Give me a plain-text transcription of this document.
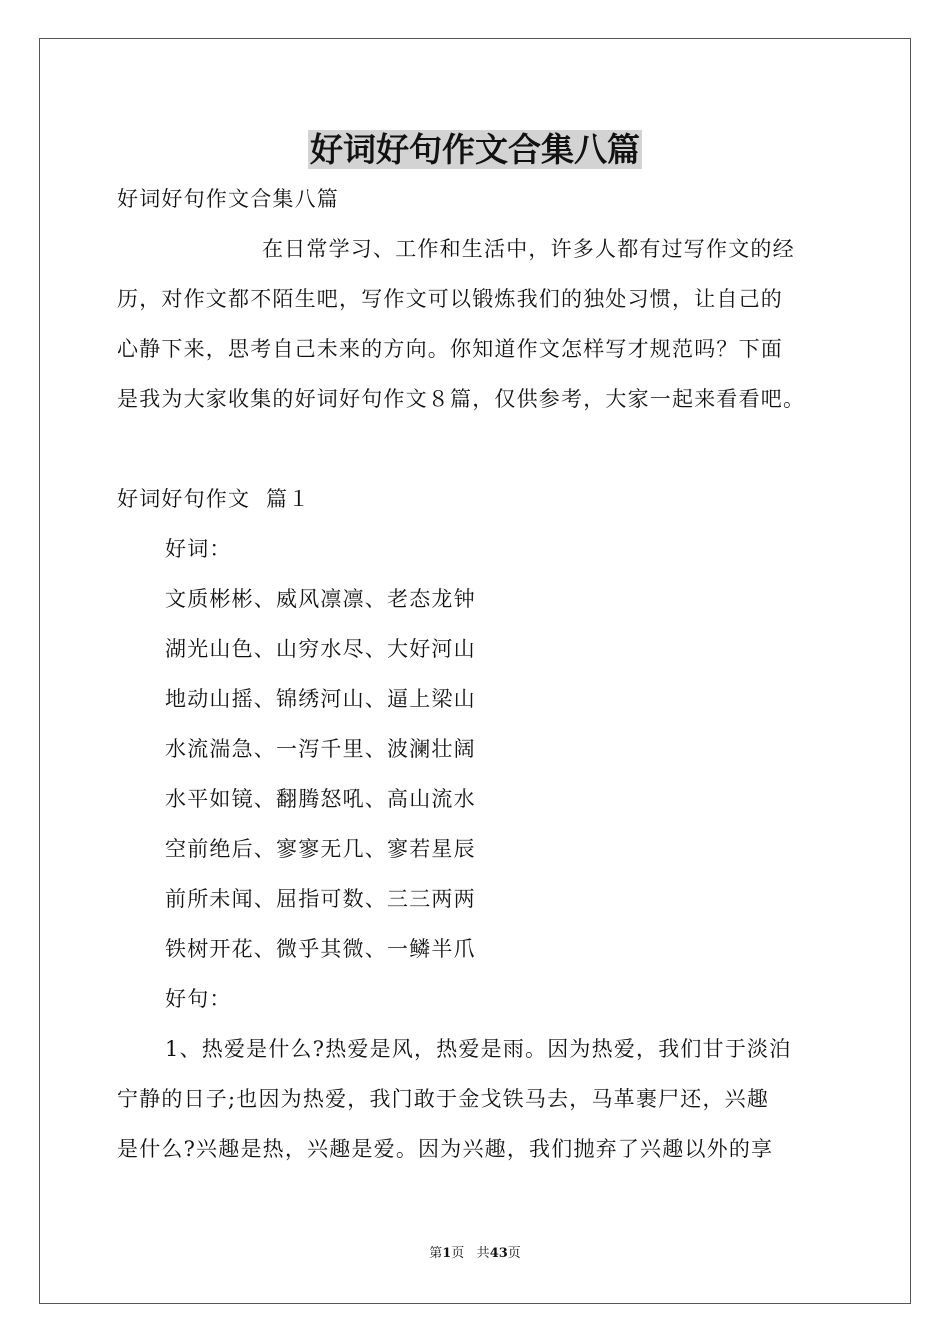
好词好句作文合集八篇
好词好句作文合集八篇
在日常学习、工作和生活中，许多人都有过写作文的经
历，对作文都不陌生吧，写作文可以锻炼我们的独处习惯，让自己的
心静下来，思考自己未来的方向。你知道作文怎样写才规范吗？下面
是我为大家收集的好词好句作文８篇，仅供参考，大家一起来看看吧。
好词好句作文  篇１
好词：
文质彬彬、威风凛凛、老态龙钟
湖光山色、山穷水尽、大好河山
地动山摇、锦绣河山、逼上梁山
水流湍急、一泻千里、波澜壮阔
水平如镜、翻腾怒吼、高山流水
空前绝后、寥寥无几、寥若星辰
前所未闻、屈指可数、三三两两
铁树开花、微乎其微、一鳞半爪
好句：
1、热爱是什么?热爱是风，热爱是雨。因为热爱，我们甘于淡泊
宁静的日子;也因为热爱，我门敢于金戈铁马去，马革裹尸还，兴趣
是什么?兴趣是热，兴趣是爱。因为兴趣，我们抛弃了兴趣以外的享
第1页 共43页
